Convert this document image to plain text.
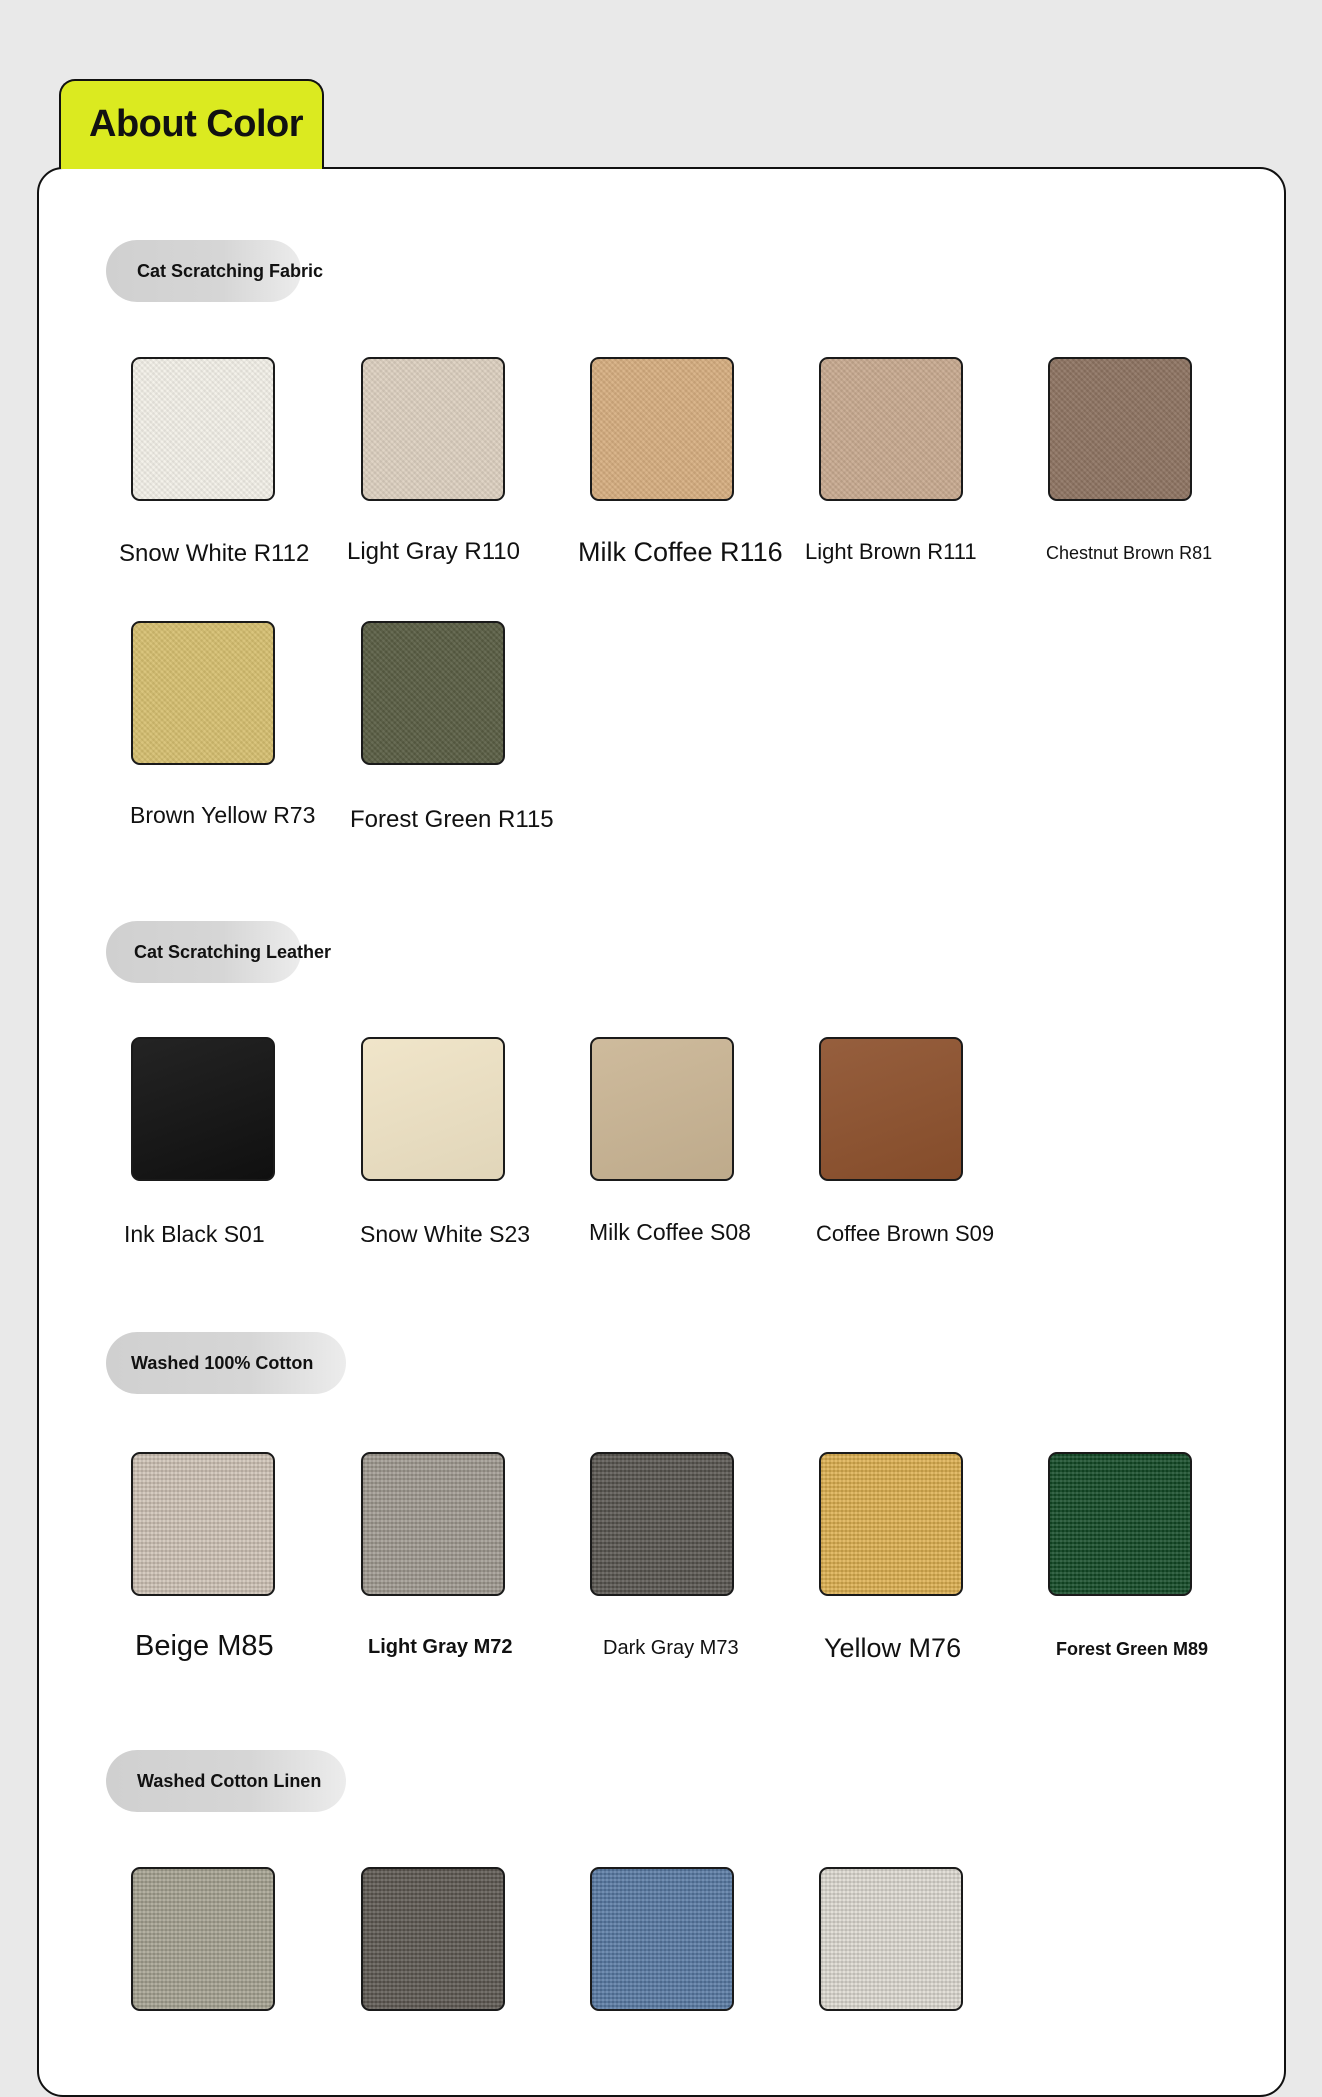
About Color
Cat Scratching Fabric
Snow White R112 Light Gray R110 Milk Coffee R116 Light Brown R111	Chestnut Brown R81
Brown Yellow R73 Forest Green R115
Cat Scratching Leather
Ink Black S01	Snow White S23	Milk Coffee S08	Coffee Brown S09
Washed 100% Cotton
Beige M85	Light Gray M72	Dark Gray M73	Yellow M76	Forest Green M89
Washed Cotton Linen
